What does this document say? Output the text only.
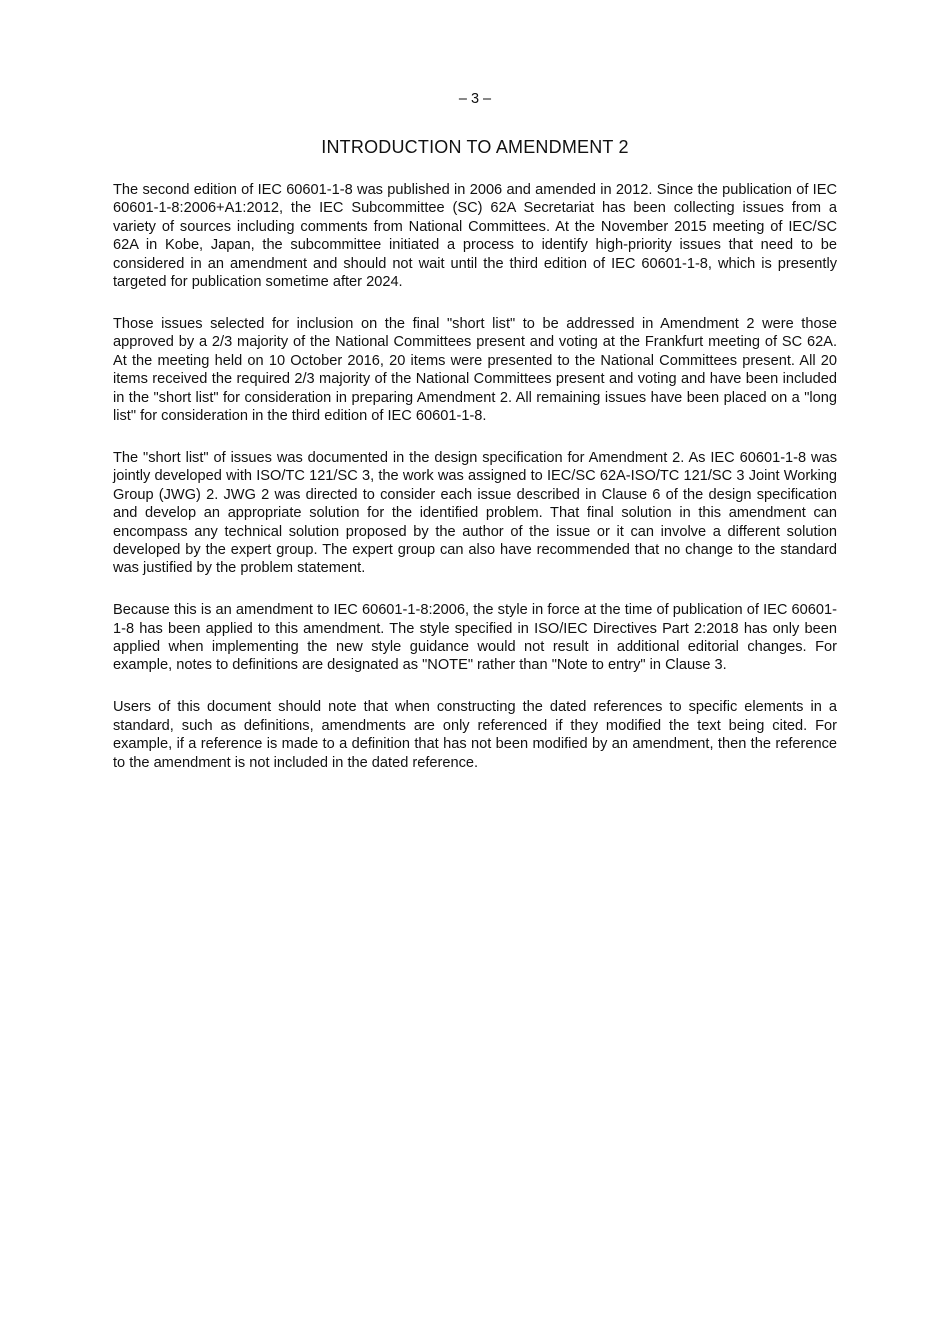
– 3 –
INTRODUCTION TO AMENDMENT 2

The second edition of IEC 60601-1-8 was published in 2006 and amended in 2012. Since the publication of IEC 60601-1-8:2006+A1:2012, the IEC Subcommittee (SC) 62A Secretariat has been collecting issues from a variety of sources including comments from National Committees. At the November 2015 meeting of IEC/SC 62A in Kobe, Japan, the subcommittee initiated a process to identify high-priority issues that need to be considered in an amendment and should not wait until the third edition of IEC 60601-1-8, which is presently targeted for publication sometime after 2024.

Those issues selected for inclusion on the final "short list" to be addressed in Amendment 2 were those approved by a 2/3 majority of the National Committees present and voting at the Frankfurt meeting of SC 62A. At the meeting held on 10 October 2016, 20 items were presented to the National Committees present. All 20 items received the required 2/3 majority of the National Committees present and voting and have been included in the "short list" for consideration in preparing Amendment 2. All remaining issues have been placed on a "long list" for consideration in the third edition of IEC 60601-1-8.

The "short list" of issues was documented in the design specification for Amendment 2. As IEC 60601-1-8 was jointly developed with ISO/TC 121/SC 3, the work was assigned to IEC/SC 62A-ISO/TC 121/SC 3 Joint Working Group (JWG) 2. JWG 2 was directed to consider each issue described in Clause 6 of the design specification and develop an appropriate solution for the identified problem. That final solution in this amendment can encompass any technical solution proposed by the author of the issue or it can involve a different solution developed by the expert group. The expert group can also have recommended that no change to the standard was justified by the problem statement.

Because this is an amendment to IEC 60601-1-8:2006, the style in force at the time of publication of IEC 60601-1-8 has been applied to this amendment. The style specified in ISO/IEC Directives Part 2:2018 has only been applied when implementing the new style guidance would not result in additional editorial changes. For example, notes to definitions are designated as "NOTE" rather than "Note to entry" in Clause 3.

Users of this document should note that when constructing the dated references to specific elements in a standard, such as definitions, amendments are only referenced if they modified the text being cited. For example, if a reference is made to a definition that has not been modified by an amendment, then the reference to the amendment is not included in the dated reference.
